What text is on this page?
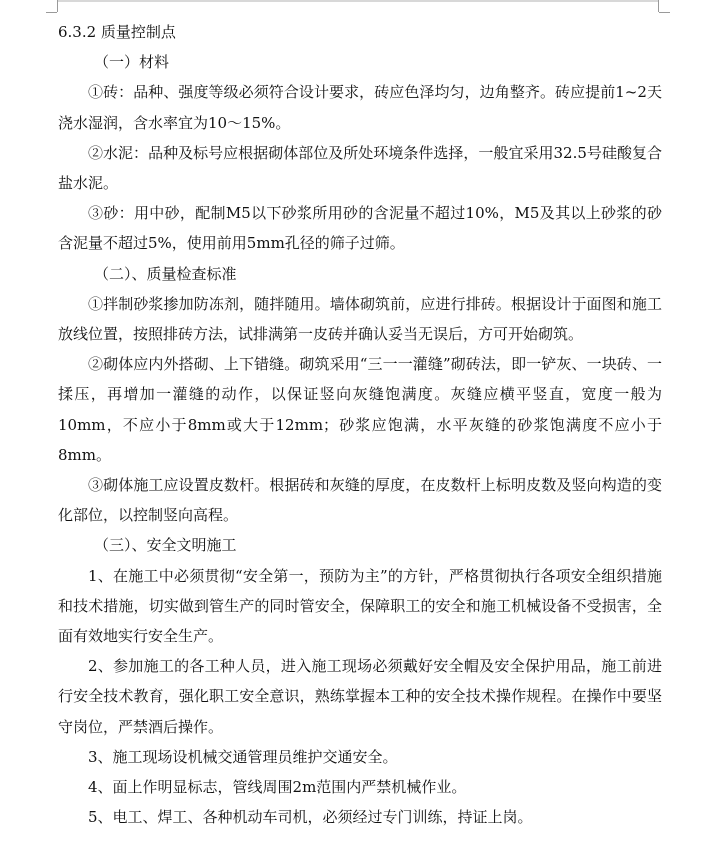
6.3.2 质量控制点

（一）材料

①砖：品种、强度等级必须符合设计要求，砖应色泽均匀，边角整齐。砖应提前1~2天浇水湿润，含水率宜为10～15%。

②水泥：品种及标号应根据砌体部位及所处环境条件选择，一般宜采用32.5号硅酸复合盐水泥。

③砂：用中砂，配制M5以下砂浆所用砂的含泥量不超过10%，M5及其以上砂浆的砂含泥量不超过5%，使用前用5mm孔径的筛子过筛。

（二）、质量检查标准

①拌制砂浆掺加防冻剂，随拌随用。墙体砌筑前，应进行排砖。根据设计于面图和施工放线位置，按照排砖方法，试排满第一皮砖并确认妥当无误后，方可开始砌筑。

②砌体应内外搭砌、上下错缝。砌筑采用“三一一灌缝”砌砖法，即一铲灰、一块砖、一揉压，再增加一灌缝的动作，以保证竖向灰缝饱满度。灰缝应横平竖直，宽度一般为10mm，不应小于8mm或大于12mm；砂浆应饱满，水平灰缝的砂浆饱满度不应小于8mm。

③砌体施工应设置皮数杆。根据砖和灰缝的厚度，在皮数杆上标明皮数及竖向构造的变化部位，以控制竖向高程。

（三）、安全文明施工

1、在施工中必须贯彻“安全第一，预防为主”的方针，严格贯彻执行各项安全组织措施和技术措施，切实做到管生产的同时管安全，保障职工的安全和施工机械设备不受损害，全面有效地实行安全生产。

2、参加施工的各工种人员，进入施工现场必须戴好安全帽及安全保护用品，施工前进行安全技术教育，强化职工安全意识，熟练掌握本工种的安全技术操作规程。在操作中要坚守岗位，严禁酒后操作。

3、施工现场设机械交通管理员维护交通安全。

4、面上作明显标志，管线周围2m范围内严禁机械作业。

5、电工、焊工、各种机动车司机，必须经过专门训练，持证上岗。
